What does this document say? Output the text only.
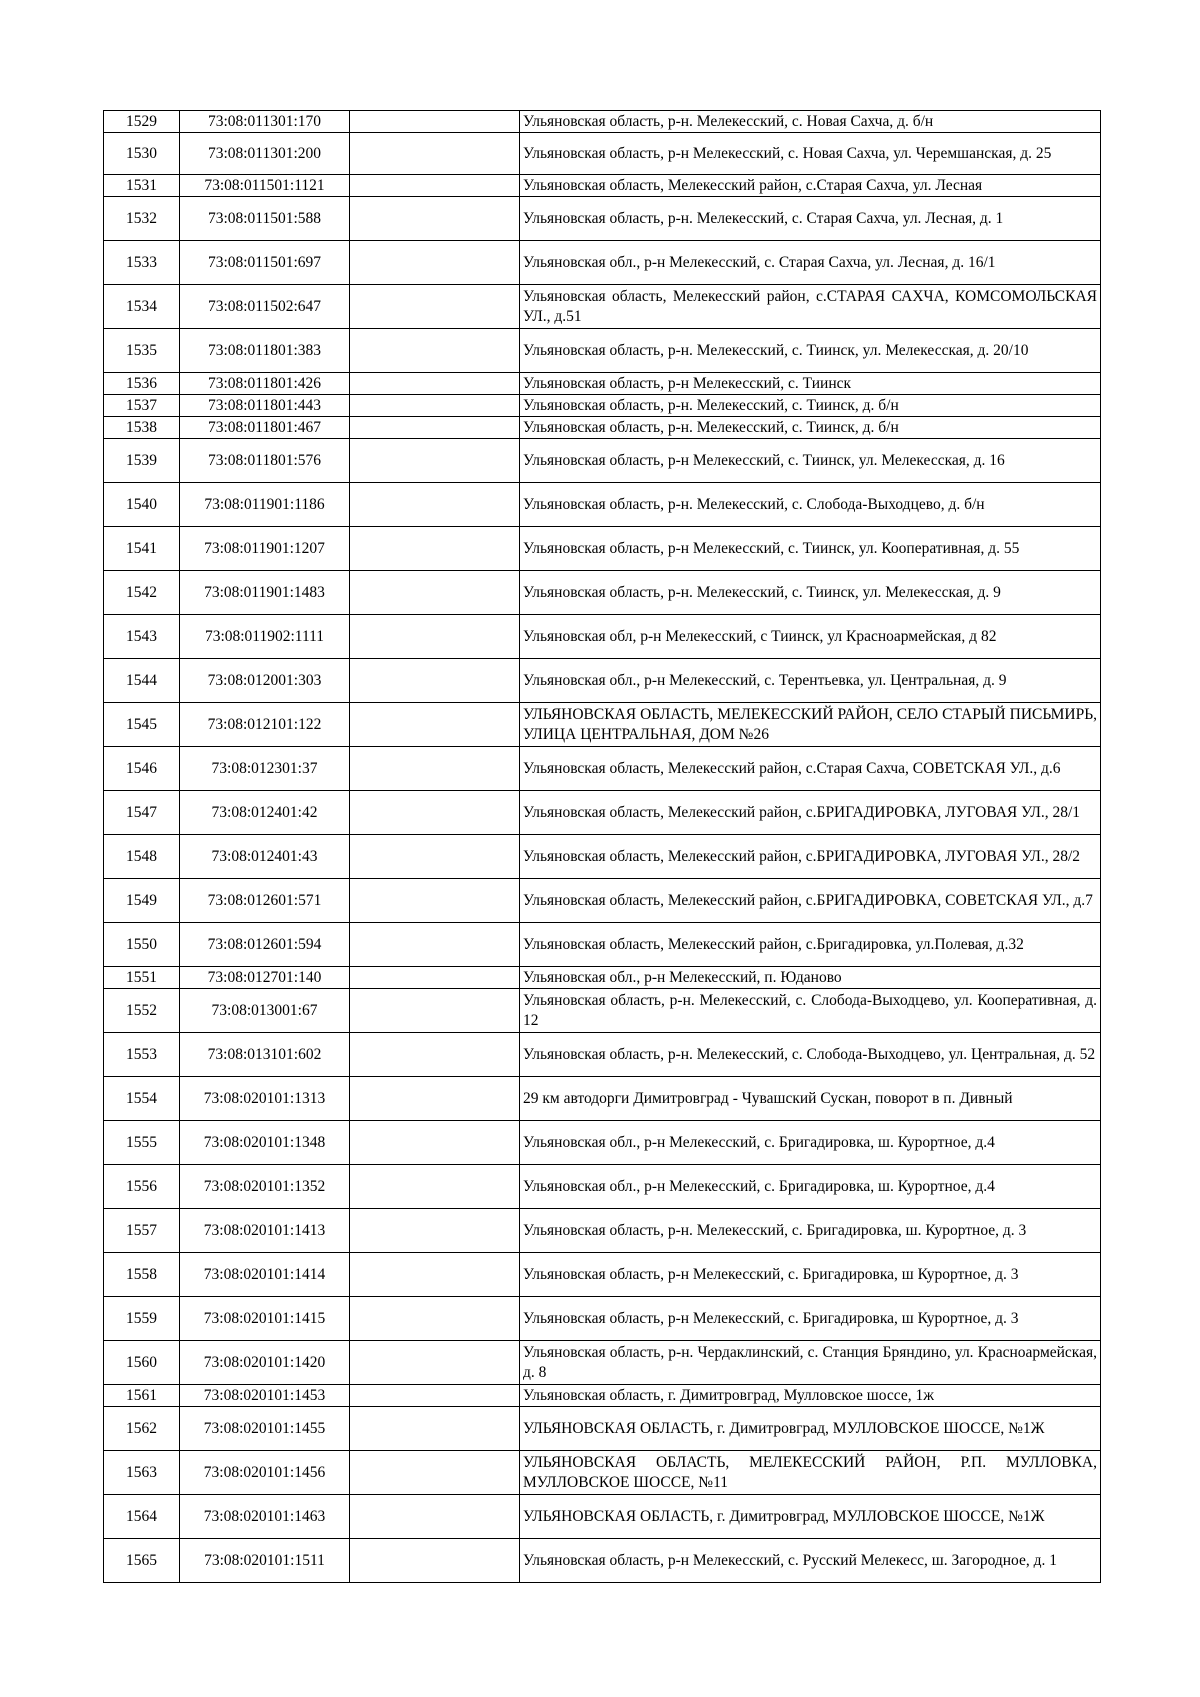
1529	73:08:011301:170		Ульяновская область, р-н. Мелекесский, с. Новая Сахча, д. б/н
1530	73:08:011301:200		Ульяновская область, р-н Мелекесский, с. Новая Сахча, ул. Черемшанская, д. 25
1531	73:08:011501:1121		Ульяновская область, Мелекесский район, с.Старая Сахча, ул. Лесная
1532	73:08:011501:588		Ульяновская область, р-н. Мелекесский, с. Старая Сахча, ул. Лесная, д. 1
1533	73:08:011501:697		Ульяновская обл., р-н Мелекесский, с. Старая Сахча, ул. Лесная, д. 16/1
1534	73:08:011502:647		Ульяновская область, Мелекесский район, с.СТАРАЯ САХЧА, КОМСОМОЛЬСКАЯ УЛ., д.51
1535	73:08:011801:383		Ульяновская область, р-н. Мелекесский, с. Тиинск, ул. Мелекесская, д. 20/10
1536	73:08:011801:426		Ульяновская область, р-н Мелекесский, с. Тиинск
1537	73:08:011801:443		Ульяновская область, р-н. Мелекесский, с. Тиинск, д. б/н
1538	73:08:011801:467		Ульяновская область, р-н. Мелекесский, с. Тиинск, д. б/н
1539	73:08:011801:576		Ульяновская область, р-н Мелекесский, с. Тиинск, ул. Мелекесская, д. 16
1540	73:08:011901:1186		Ульяновская область, р-н. Мелекесский, с. Слобода-Выходцево, д. б/н
1541	73:08:011901:1207		Ульяновская область, р-н Мелекесский, с. Тиинск, ул. Кооперативная, д. 55
1542	73:08:011901:1483		Ульяновская область, р-н. Мелекесский, с. Тиинск, ул. Мелекесская, д. 9
1543	73:08:011902:1111		Ульяновская обл, р-н Мелекесский, с Тиинск, ул Красноармейская, д 82
1544	73:08:012001:303		Ульяновская обл., р-н Мелекесский, с. Терентьевка, ул. Центральная, д. 9
1545	73:08:012101:122		УЛЬЯНОВСКАЯ ОБЛАСТЬ, МЕЛЕКЕССКИЙ РАЙОН, СЕЛО СТАРЫЙ ПИСЬМИРЬ, УЛИЦА ЦЕНТРАЛЬНАЯ, ДОМ №26
1546	73:08:012301:37		Ульяновская область, Мелекесский район, с.Старая Сахча, СОВЕТСКАЯ УЛ., д.6
1547	73:08:012401:42		Ульяновская область, Мелекесский район, с.БРИГАДИРОВКА, ЛУГОВАЯ УЛ., 28/1
1548	73:08:012401:43		Ульяновская область, Мелекесский район, с.БРИГАДИРОВКА, ЛУГОВАЯ УЛ., 28/2
1549	73:08:012601:571		Ульяновская область, Мелекесский район, с.БРИГАДИРОВКА, СОВЕТСКАЯ УЛ., д.7
1550	73:08:012601:594		Ульяновская область, Мелекесский район, с.Бригадировка, ул.Полевая, д.32
1551	73:08:012701:140		Ульяновская обл., р-н Мелекесский, п. Юданово
1552	73:08:013001:67		Ульяновская область, р-н. Мелекесский, с. Слобода-Выходцево, ул. Кооперативная, д. 12
1553	73:08:013101:602		Ульяновская область, р-н. Мелекесский, с. Слобода-Выходцево, ул. Центральная, д. 52
1554	73:08:020101:1313		29 км автодорги Димитровград - Чувашский Сускан, поворот в п. Дивный
1555	73:08:020101:1348		Ульяновская обл., р-н Мелекесский, с. Бригадировка, ш. Курортное, д.4
1556	73:08:020101:1352		Ульяновская обл., р-н Мелекесский, с. Бригадировка, ш. Курортное, д.4
1557	73:08:020101:1413		Ульяновская область, р-н. Мелекесский, с. Бригадировка, ш. Курортное, д. 3
1558	73:08:020101:1414		Ульяновская область, р-н Мелекесский, с. Бригадировка, ш Курортное, д. 3
1559	73:08:020101:1415		Ульяновская область, р-н Мелекесский, с. Бригадировка, ш Курортное, д. 3
1560	73:08:020101:1420		Ульяновская область, р-н. Чердаклинский, с. Станция Бряндино, ул. Красноармейская, д. 8
1561	73:08:020101:1453		Ульяновская область, г. Димитровград, Мулловское шоссе, 1ж
1562	73:08:020101:1455		УЛЬЯНОВСКАЯ ОБЛАСТЬ, г. Димитровград, МУЛЛОВСКОЕ ШОССЕ, №1Ж
1563	73:08:020101:1456		УЛЬЯНОВСКАЯ ОБЛАСТЬ, МЕЛЕКЕССКИЙ РАЙОН, Р.П. МУЛЛОВКА, МУЛЛОВСКОЕ ШОССЕ, №11
1564	73:08:020101:1463		УЛЬЯНОВСКАЯ ОБЛАСТЬ, г. Димитровград, МУЛЛОВСКОЕ ШОССЕ, №1Ж
1565	73:08:020101:1511		Ульяновская область, р-н Мелекесский, с. Русский Мелекесс, ш. Загородное, д. 1
